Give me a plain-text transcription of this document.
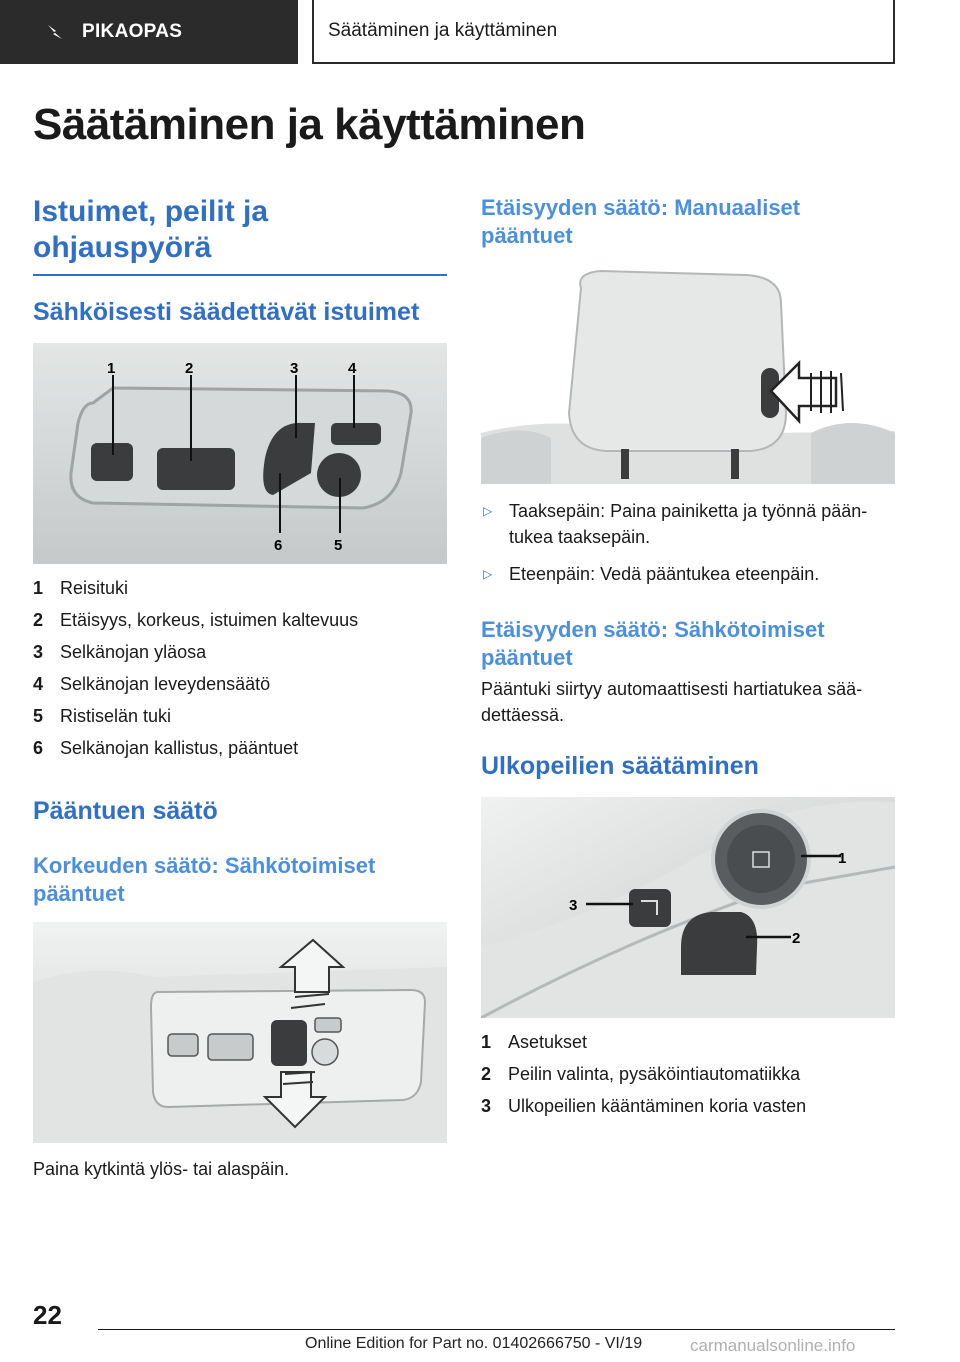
PIKAOPAS	Säätäminen ja käyttäminen
Säätäminen ja käyttäminen
Istuimet, peilit ja ohjauspyörä
Sähköisesti säädettävät istuimet
1	2	3	4
5
6
1 Reisituki
2 Etäisyys, korkeus, istuimen kaltevuus
3 Selkänojan yläosa
4 Selkänojan leveydensäätö
5 Ristiselän tuki
6 Selkänojan kallistus, pääntuet
Pääntuen säätö
Korkeuden säätö: Sähkötoimiset pääntuet

Paina kytkintä ylös- tai alaspäin.

Etäisyyden säätö: Manuaaliset pääntuet
▷ Taaksepäin: Paina painiketta ja työnnä pään- tukea taaksepäin.
▷ Eteenpäin: Vedä pääntukea eteenpäin.
Etäisyyden säätö: Sähkötoimiset pääntuet

Pääntuki siirtyy automaattisesti hartiatukea sää- dettäessä.

Ulkopeilien säätäminen
1
2
3
1 Asetukset
2 Peilin valinta, pysäköintiautomatiikka
3 Ulkopeilien kääntäminen koria vasten
22
Online Edition for Part no. 01402666750 - VI/19	carmanualsonline.info
